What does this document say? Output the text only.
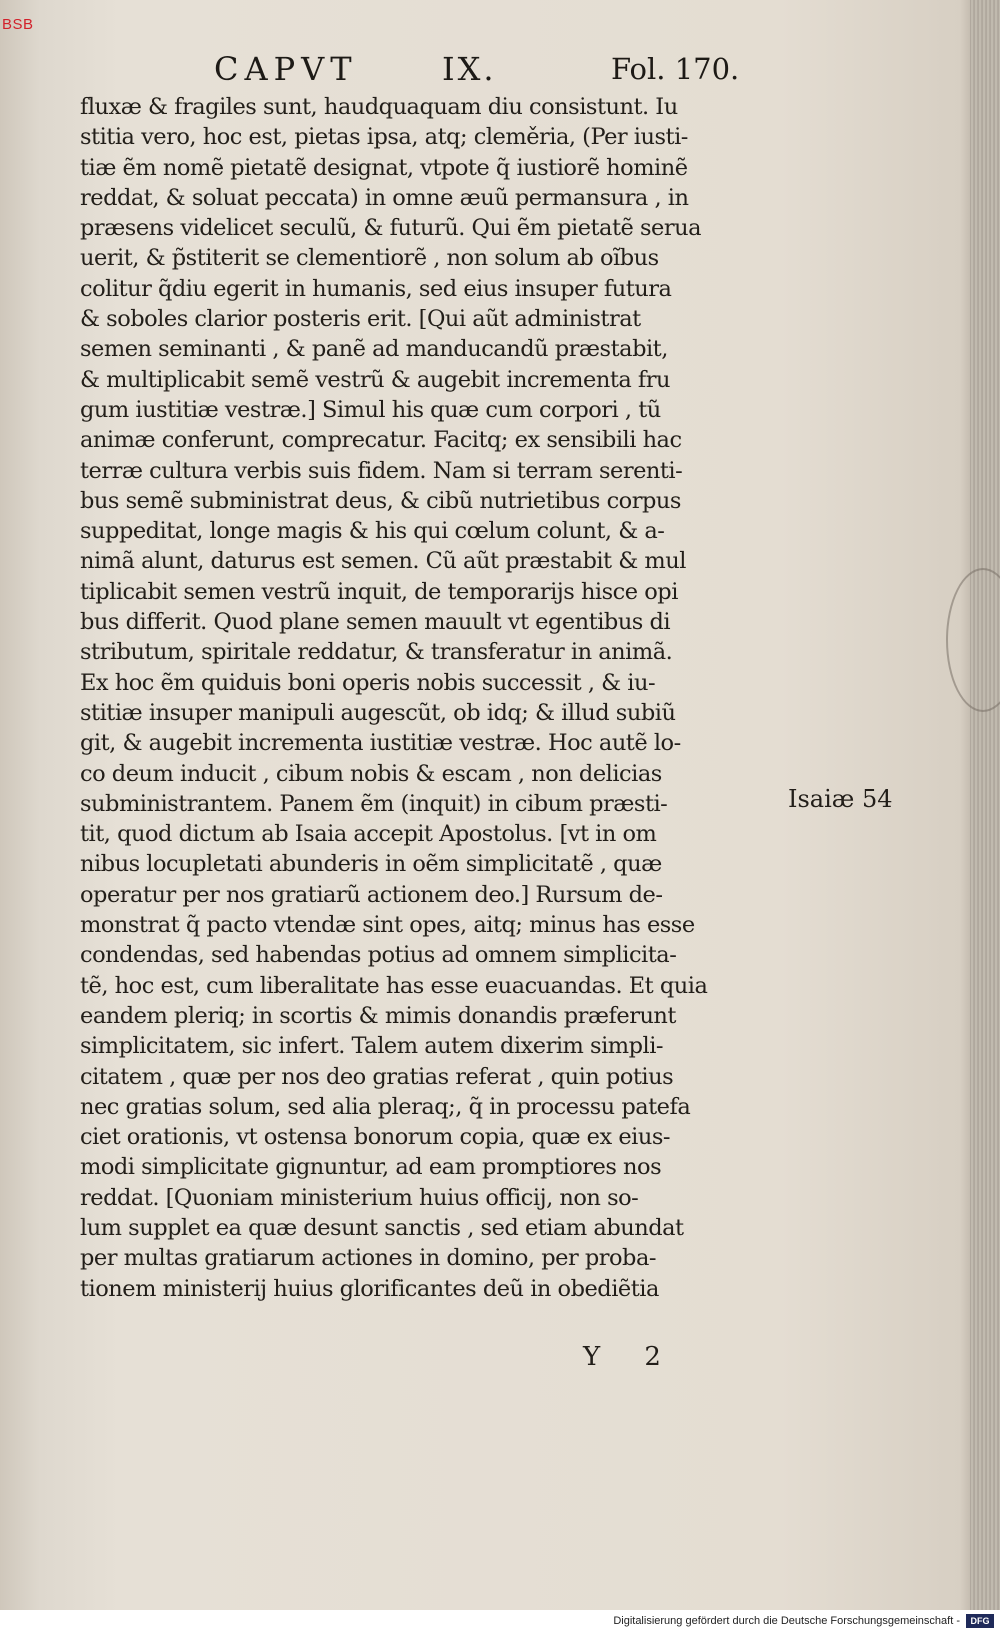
BSB
CAPVT	IX.	Fol. 170.
fluxæ & fragiles sunt, haudquaquam diu consistunt. Iu
stitia vero, hoc est, pietas ipsa, atq; cleměria, (Per iusti-
tiæ ẽm nomẽ pietatẽ designat, vtpote q̃ iustiorẽ hominẽ
reddat, & soluat peccata) in omne æuũ permansura , in
præsens videlicet seculũ, & futurũ. Qui ẽm pietatẽ serua
uerit, & p̃stiterit se clementiorẽ , non solum ab oĩbus
colitur q̃diu egerit in humanis, sed eius insuper futura
& soboles clarior posteris erit. [Qui aũt administrat
semen seminanti , & panẽ ad manducandũ præstabit,
& multiplicabit semẽ vestrũ & augebit incrementa fru
gum iustitiæ vestræ.] Simul his quæ cum corpori , tũ
animæ conferunt, comprecatur. Facitq; ex sensibili hac
terræ cultura verbis suis fidem. Nam si terram serenti-
bus semẽ subministrat deus, & cibũ nutrietibus corpus
suppeditat, longe magis & his qui cœlum colunt, & a-
nimã alunt, daturus est semen. Cũ aũt præstabit & mul
tiplicabit semen vestrũ inquit, de temporarijs hisce opi
bus differit. Quod plane semen mauult vt egentibus di
stributum, spiritale reddatur, & transferatur in animã.
Ex hoc ẽm quiduis boni operis nobis successit , & iu-
stitiæ insuper manipuli augescũt, ob idq; & illud subiũ
git, & augebit incrementa iustitiæ vestræ. Hoc autẽ lo-
co deum inducit , cibum nobis & escam , non delicias
subministrantem. Panem ẽm (inquit) in cibum præsti-
tit, quod dictum ab Isaia accepit Apostolus. [vt in om
nibus locupletati abunderis in oẽm simplicitatẽ , quæ
operatur per nos gratiarũ actionem deo.] Rursum de-
monstrat q̃ pacto vtendæ sint opes, aitq; minus has esse
condendas, sed habendas potius ad omnem simplicita-
tẽ, hoc est, cum liberalitate has esse euacuandas. Et quia
eandem pleriq; in scortis & mimis donandis præferunt
simplicitatem, sic infert. Talem autem dixerim simpli-
citatem , quæ per nos deo gratias referat , quin potius
nec gratias solum, sed alia pleraq;, q̃ in processu patefa
ciet orationis, vt ostensa bonorum copia, quæ ex eius-
modi simplicitate gignuntur, ad eam promptiores nos
reddat. [Quoniam ministerium huius officij, non so-
lum supplet ea quæ desunt sanctis , sed etiam abundat
per multas gratiarum actiones in domino, per proba-
tionem ministerij huius glorificantes deũ in obediẽtia
Isaiæ 54
Y 2
Digitalisierung gefördert durch die Deutsche Forschungsgemeinschaft -	DFG
